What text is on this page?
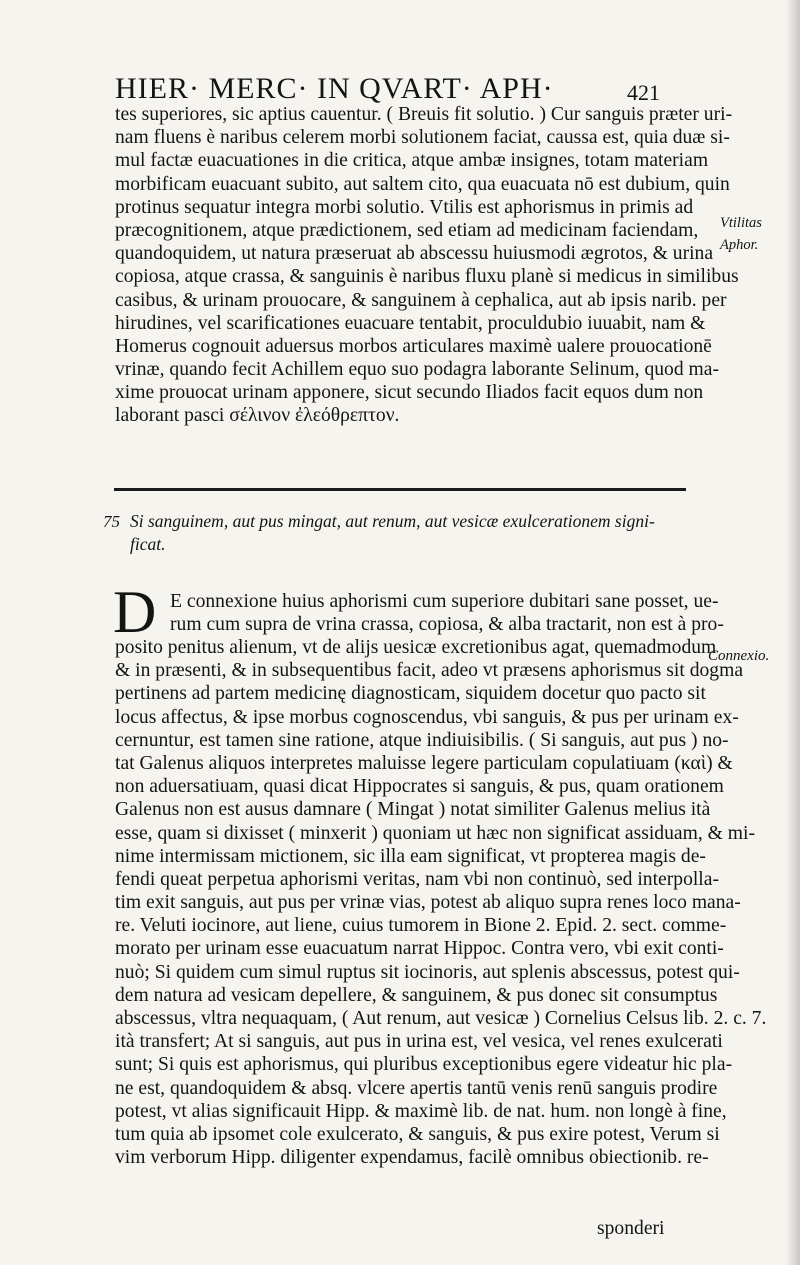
HIER· MERC· IN QVART· APH·	421
tes superiores, sic aptius cauentur. ( Breuis fit solutio. ) Cur sanguis præter uri-
nam fluens è naribus celerem morbi solutionem faciat, caussa est, quia duæ si-
mul factæ euacuationes in die critica, atque ambæ insignes, totam materiam
morbificam euacuant subito, aut saltem cito, qua euacuata nō est dubium, quin
protinus sequatur integra morbi solutio. Vtilis est aphorismus in primis ad
præcognitionem, atque prædictionem, sed etiam ad medicinam faciendam,
quandoquidem, ut natura præseruat ab abscessu huiusmodi ægrotos, & urina
copiosa, atque crassa, & sanguinis è naribus fluxu planè si medicus in similibus
casibus, & urinam prouocare, & sanguinem à cephalica, aut ab ipsis narib. per
hirudines, vel scarificationes euacuare tentabit, proculdubio iuuabit, nam &
Homerus cognouit aduersus morbos articulares maximè ualere prouocationē
vrinæ, quando fecit Achillem equo suo podagra laborante Selinum, quod ma-
xime prouocat urinam apponere, sicut secundo Iliados facit equos dum non
laborant pasci σέλινον ἐλεόθρεπτον.
Vtilitas
Aphor.
75 Si sanguinem, aut pus mingat, aut renum, aut vesicæ exulcerationem signi-
ficat.
D E connexione huius aphorismi cum superiore dubitari sane posset, ue-
rum cum supra de vrina crassa, copiosa, & alba tractarit, non est à pro-
posito penitus alienum, vt de alijs uesicæ excretionibus agat, quemadmodum
& in præsenti, & in subsequentibus facit, adeo vt præsens aphorismus sit dogma
pertinens ad partem medicinę diagnosticam, siquidem docetur quo pacto sit
locus affectus, & ipse morbus cognoscendus, vbi sanguis, & pus per urinam ex-
cernuntur, est tamen sine ratione, atque indiuisibilis. ( Si sanguis, aut pus ) no-
tat Galenus aliquos interpretes maluisse legere particulam copulatiuam (καὶ) &
non aduersatiuam, quasi dicat Hippocrates si sanguis, & pus, quam orationem
Galenus non est ausus damnare ( Mingat ) notat similiter Galenus melius ità
esse, quam si dixisset ( minxerit ) quoniam ut hæc non significat assiduam, & mi-
nime intermissam mictionem, sic illa eam significat, vt propterea magis de-
fendi queat perpetua aphorismi veritas, nam vbi non continuò, sed interpolla-
tim exit sanguis, aut pus per vrinæ vias, potest ab aliquo supra renes loco mana-
re. Veluti iocinore, aut liene, cuius tumorem in Bione 2. Epid. 2. sect. comme-
morato per urinam esse euacuatum narrat Hippoc. Contra vero, vbi exit conti-
nuò; Si quidem cum simul ruptus sit iocinoris, aut splenis abscessus, potest qui-
dem natura ad vesicam depellere, & sanguinem, & pus donec sit consumptus
abscessus, vltra nequaquam, ( Aut renum, aut vesicæ ) Cornelius Celsus lib. 2. c. 7.
ità transfert; At si sanguis, aut pus in urina est, vel vesica, vel renes exulcerati
sunt; Si quis est aphorismus, qui pluribus exceptionibus egere videatur hic pla-
ne est, quandoquidem & absq. vlcere apertis tantū venis renū sanguis prodire
potest, vt alias significauit Hipp. & maximè lib. de nat. hum. non longè à fine,
tum quia ab ipsomet cole exulcerato, & sanguis, & pus exire potest, Verum si
vim verborum Hipp. diligenter expendamus, facilè omnibus obiectionib. re-
Connexio.
sponderi
